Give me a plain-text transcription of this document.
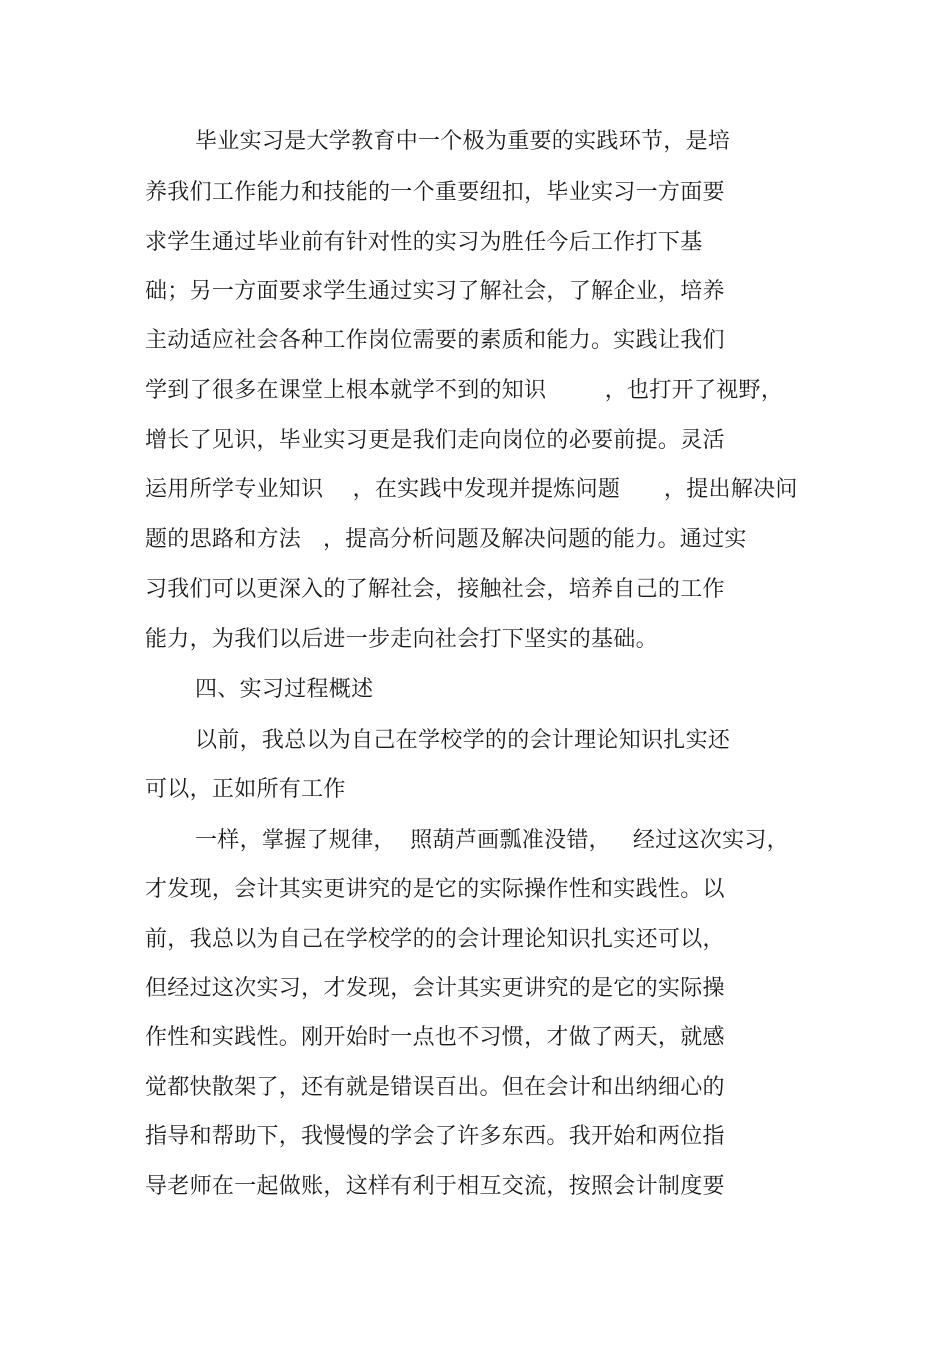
毕业实习是大学教育中一个极为重要的实践环节，是培
养我们工作能力和技能的一个重要纽扣，毕业实习一方面要
求学生通过毕业前有针对性的实习为胜任今后工作打下基
础；另一方面要求学生通过实习了解社会，了解企业，培养
主动适应社会各种工作岗位需要的素质和能力。实践让我们
学到了很多在课堂上根本就学不到的知识        ，也打开了视野，
增长了见识，毕业实习更是我们走向岗位的必要前提。灵活
运用所学专业知识    ，在实践中发现并提炼问题      ，提出解决问
题的思路和方法   ，提高分析问题及解决问题的能力。通过实
习我们可以更深入的了解社会，接触社会，培养自己的工作
能力，为我们以后进一步走向社会打下坚实的基础。
四、实习过程概述
以前，我总以为自己在学校学的的会计理论知识扎实还
可以，正如所有工作
一样，掌握了规律，  照葫芦画瓢准没错，   经过这次实习，
才发现，会计其实更讲究的是它的实际操作性和实践性。以
前，我总以为自己在学校学的的会计理论知识扎实还可以，
但经过这次实习，才发现，会计其实更讲究的是它的实际操
作性和实践性。刚开始时一点也不习惯，才做了两天，就感
觉都快散架了，还有就是错误百出。但在会计和出纳细心的
指导和帮助下，我慢慢的学会了许多东西。我开始和两位指
导老师在一起做账，这样有利于相互交流，按照会计制度要
